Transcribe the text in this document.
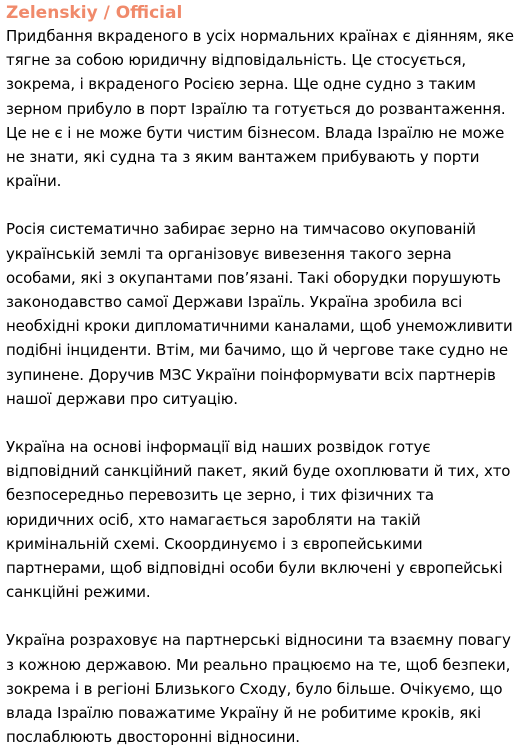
Zelenskiy / Official

Придбання вкраденого в усіх нормальних країнах є діянням, яке тягне за собою юридичну відповідальність. Це стосується, зокрема, і вкраденого Росією зерна. Ще одне судно з таким зерном прибуло в порт Ізраїлю та готується до розвантаження. Це не є і не може бути чистим бізнесом. Влада Ізраїлю не може не знати, які судна та з яким вантажем прибувають у порти країни.

Росія систематично забирає зерно на тимчасово окупованій українській землі та організовує вивезення такого зерна особами, які з окупантами пов’язані. Такі оборудки порушують законодавство самої Держави Ізраїль. Україна зробила всі необхідні кроки дипломатичними каналами, щоб унеможливити подібні інциденти. Втім, ми бачимо, що й чергове таке судно не зупинене. Доручив МЗС України поінформувати всіх партнерів нашої держави про ситуацію.

Україна на основі інформації від наших розвідок готує відповідний санкційний пакет, який буде охоплювати й тих, хто безпосередньо перевозить це зерно, і тих фізичних та юридичних осіб, хто намагається заробляти на такій кримінальній схемі. Скоординуємо і з європейськими партнерами, щоб відповідні особи були включені у європейські санкційні режими.

Україна розраховує на партнерські відносини та взаємну повагу з кожною державою. Ми реально працюємо на те, щоб безпеки, зокрема і в регіоні Близького Сходу, було більше. Очікуємо, що влада Ізраїлю поважатиме Україну й не робитиме кроків, які послаблюють двосторонні відносини.
